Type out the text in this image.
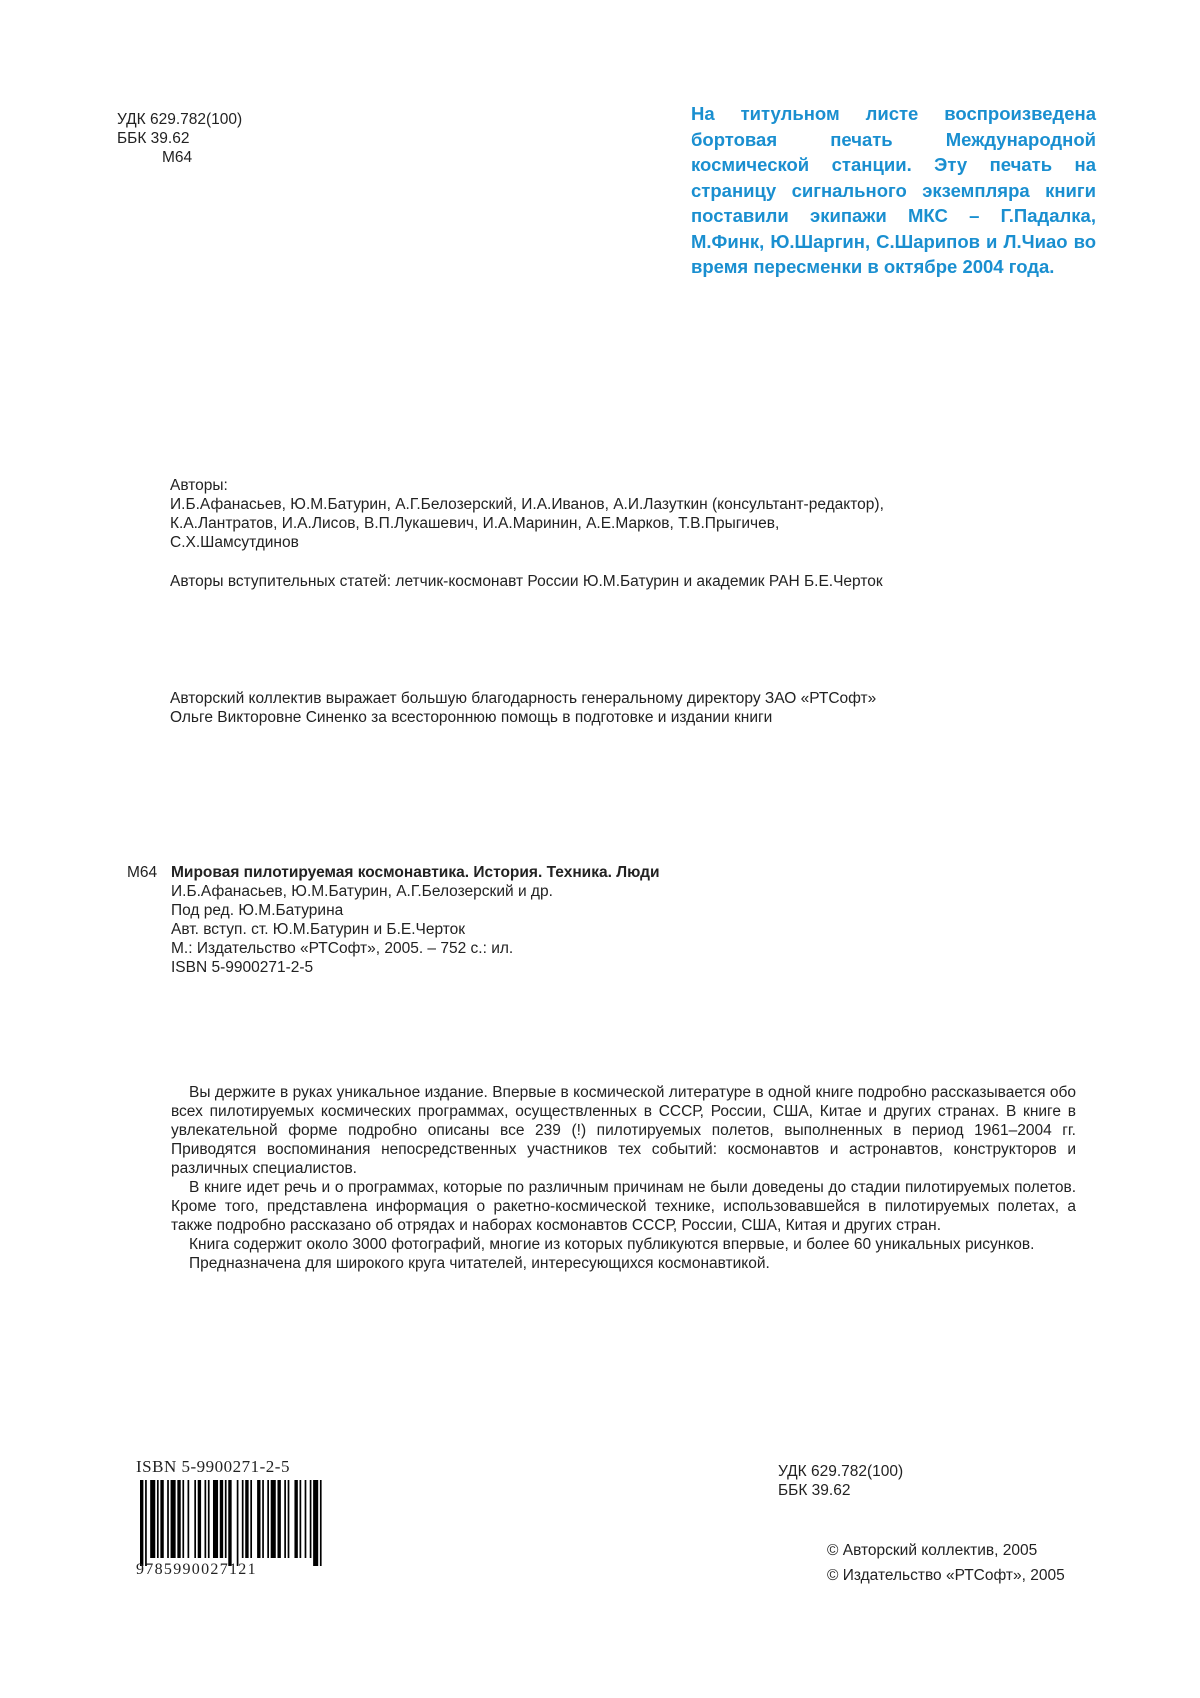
УДК 629.782(100)
ББК 39.62
М64
На титульном листе воспроизведена бортовая печать Международной космической станции. Эту печать на страницу сигнального экземпляра книги поставили экипажи МКС – Г.Падалка, М.Финк, Ю.Шаргин, С.Шарипов и Л.Чиао во время пересменки в октябре 2004 года.
Авторы:
И.Б.Афанасьев, Ю.М.Батурин, А.Г.Белозерский, И.А.Иванов, А.И.Лазуткин (консультант-редактор),
К.А.Лантратов, И.А.Лисов, В.П.Лукашевич, И.А.Маринин, А.Е.Марков, Т.В.Прыгичев,
С.Х.Шамсутдинов
Авторы вступительных статей: летчик-космонавт России Ю.М.Батурин и академик РАН Б.Е.Черток
Авторский коллектив выражает большую благодарность генеральному директору ЗАО «РТСофт»
Ольге Викторовне Синенко за всестороннюю помощь в подготовке и издании книги
М64 Мировая пилотируемая космонавтика. История. Техника. Люди
И.Б.Афанасьев, Ю.М.Батурин, А.Г.Белозерский и др.
Под ред. Ю.М.Батурина
Авт. вступ. ст. Ю.М.Батурин и Б.Е.Черток
М.: Издательство «РТСофт», 2005. – 752 с.: ил.
ISBN 5-9900271-2-5

Вы держите в руках уникальное издание. Впервые в космической литературе в одной книге подробно рассказывается обо всех пилотируемых космических программах, осуществленных в СССР, России, США, Китае и других странах. В книге в увлекательной форме подробно описаны все 239 (!) пилотируемых полетов, выполненных в период 1961–2004 гг. Приводятся воспоминания непосредственных участников тех событий: космонавтов и астронавтов, конструкторов и различных специалистов.

В книге идет речь и о программах, которые по различным причинам не были доведены до стадии пилотируемых полетов. Кроме того, представлена информация о ракетно-космической технике, использовавшейся в пилотируемых полетах, а также подробно рассказано об отрядах и наборах космонавтов СССР, России, США, Китая и других стран.

Книга содержит около 3000 фотографий, многие из которых публикуются впервые, и более 60 уникальных рисунков.

Предназначена для широкого круга читателей, интересующихся космонавтикой.

ISBN 5-9900271-2-5
9785990027121
УДК 629.782(100)
ББК 39.62
© Авторский коллектив, 2005
© Издательство «РТСофт», 2005
